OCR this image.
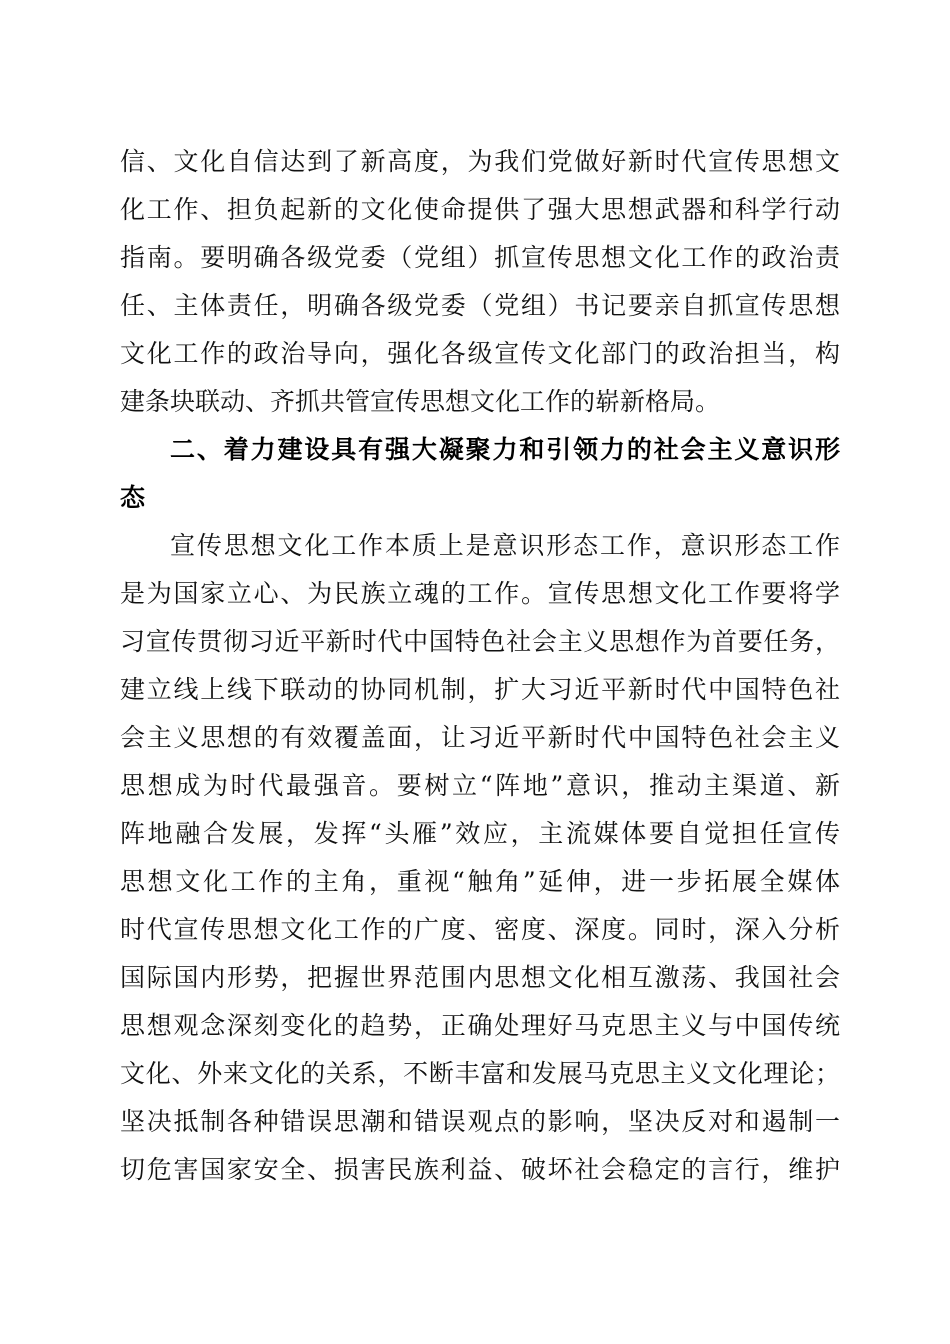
信、文化自信达到了新高度，为我们党做好新时代宣传思想文
化工作、担负起新的文化使命提供了强大思想武器和科学行动
指南。要明确各级党委（党组）抓宣传思想文化工作的政治责
任、主体责任，明确各级党委（党组）书记要亲自抓宣传思想
文化工作的政治导向，强化各级宣传文化部门的政治担当，构
建条块联动、齐抓共管宣传思想文化工作的崭新格局。
二、着力建设具有强大凝聚力和引领力的社会主义意识形
态
宣传思想文化工作本质上是意识形态工作，意识形态工作
是为国家立心、为民族立魂的工作。宣传思想文化工作要将学
习宣传贯彻习近平新时代中国特色社会主义思想作为首要任务，
建立线上线下联动的协同机制，扩大习近平新时代中国特色社
会主义思想的有效覆盖面，让习近平新时代中国特色社会主义
思想成为时代最强音。要树立“阵地”意识，推动主渠道、新
阵地融合发展，发挥“头雁”效应，主流媒体要自觉担任宣传
思想文化工作的主角，重视“触角”延伸，进一步拓展全媒体
时代宣传思想文化工作的广度、密度、深度。同时，深入分析
国际国内形势，把握世界范围内思想文化相互激荡、我国社会
思想观念深刻变化的趋势，正确处理好马克思主义与中国传统
文化、外来文化的关系，不断丰富和发展马克思主义文化理论；
坚决抵制各种错误思潮和错误观点的影响，坚决反对和遏制一
切危害国家安全、损害民族利益、破坏社会稳定的言行，维护
